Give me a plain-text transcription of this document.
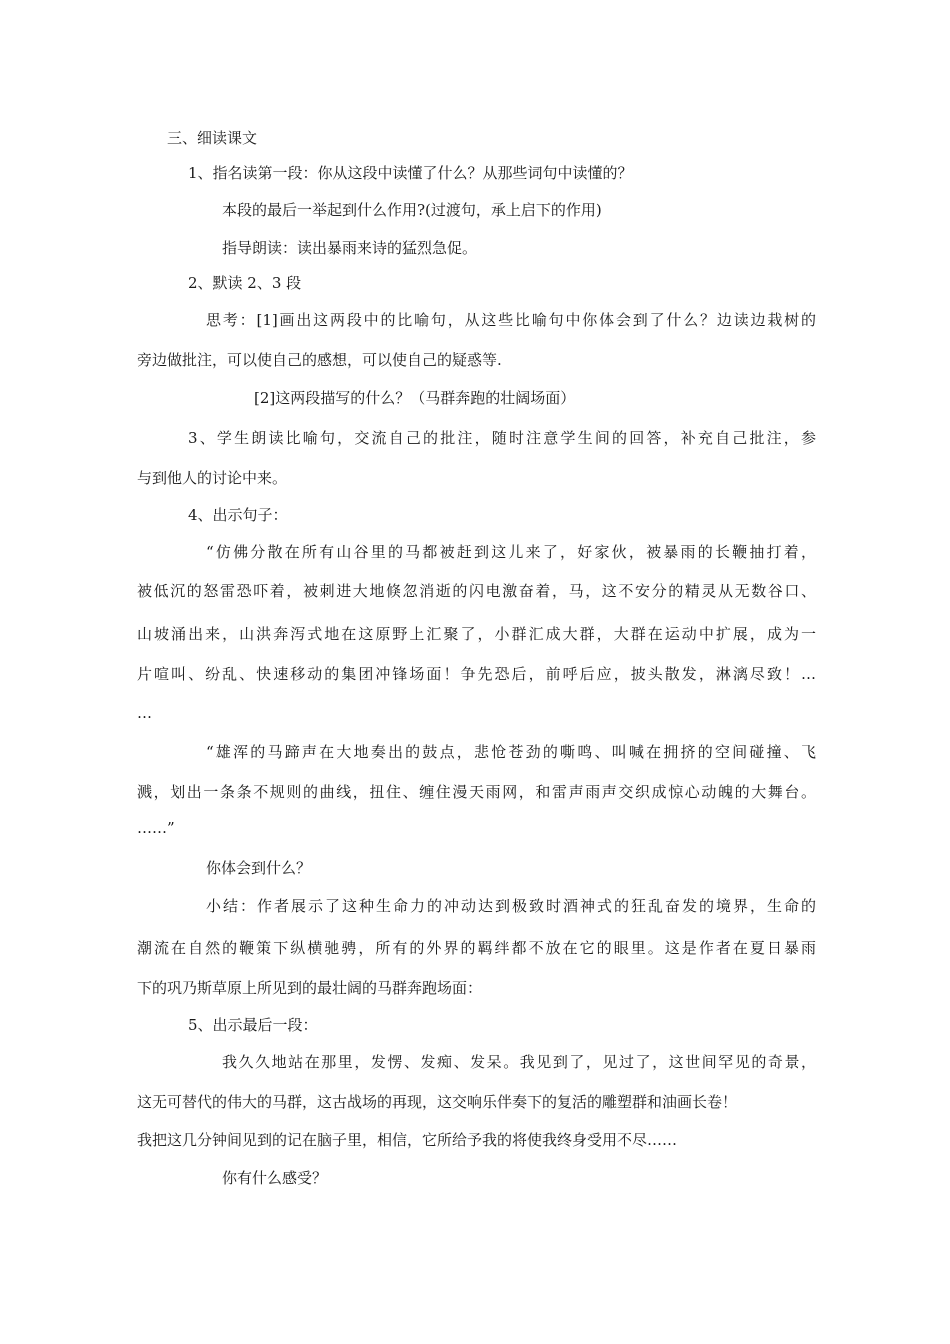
三、细读课文

1、指名读第一段：你从这段中读懂了什么？从那些词句中读懂的？

本段的最后一举起到什么作用?(过渡句，承上启下的作用)

指导朗读：读出暴雨来诗的猛烈急促。

2、默读 2、3 段

思考：[1]画出这两段中的比喻句，从这些比喻句中你体会到了什么？边读边栽树的

旁边做批注，可以使自己的感想，可以使自己的疑惑等.

[2]这两段描写的什么？（马群奔跑的壮阔场面）

3、学生朗读比喻句，交流自己的批注，随时注意学生间的回答，补充自己批注，参

与到他人的讨论中来。

4、出示句子：

“仿佛分散在所有山谷里的马都被赶到这儿来了，好家伙，被暴雨的长鞭抽打着，

被低沉的怒雷恐吓着，被刺进大地倏忽消逝的闪电激奋着，马，这不安分的精灵从无数谷口、

山坡涌出来，山洪奔泻式地在这原野上汇聚了，小群汇成大群，大群在运动中扩展，成为一

片喧叫、纷乱、快速移动的集团冲锋场面！争先恐后，前呼后应，披头散发，淋漓尽致！…

…

“雄浑的马蹄声在大地奏出的鼓点，悲怆苍劲的嘶鸣、叫喊在拥挤的空间碰撞、飞

溅，划出一条条不规则的曲线，扭住、缠住漫天雨网，和雷声雨声交织成惊心动魄的大舞台。

……”

你体会到什么？

小结：作者展示了这种生命力的冲动达到极致时酒神式的狂乱奋发的境界，生命的

潮流在自然的鞭策下纵横驰骋，所有的外界的羁绊都不放在它的眼里。这是作者在夏日暴雨

下的巩乃斯草原上所见到的最壮阔的马群奔跑场面：

5、出示最后一段：

我久久地站在那里，发愣、发痴、发呆。我见到了，见过了，这世间罕见的奇景，

这无可替代的伟大的马群，这古战场的再现，这交响乐伴奏下的复活的雕塑群和油画长卷！

我把这几分钟间见到的记在脑子里，相信，它所给予我的将使我终身受用不尽……

你有什么感受？
